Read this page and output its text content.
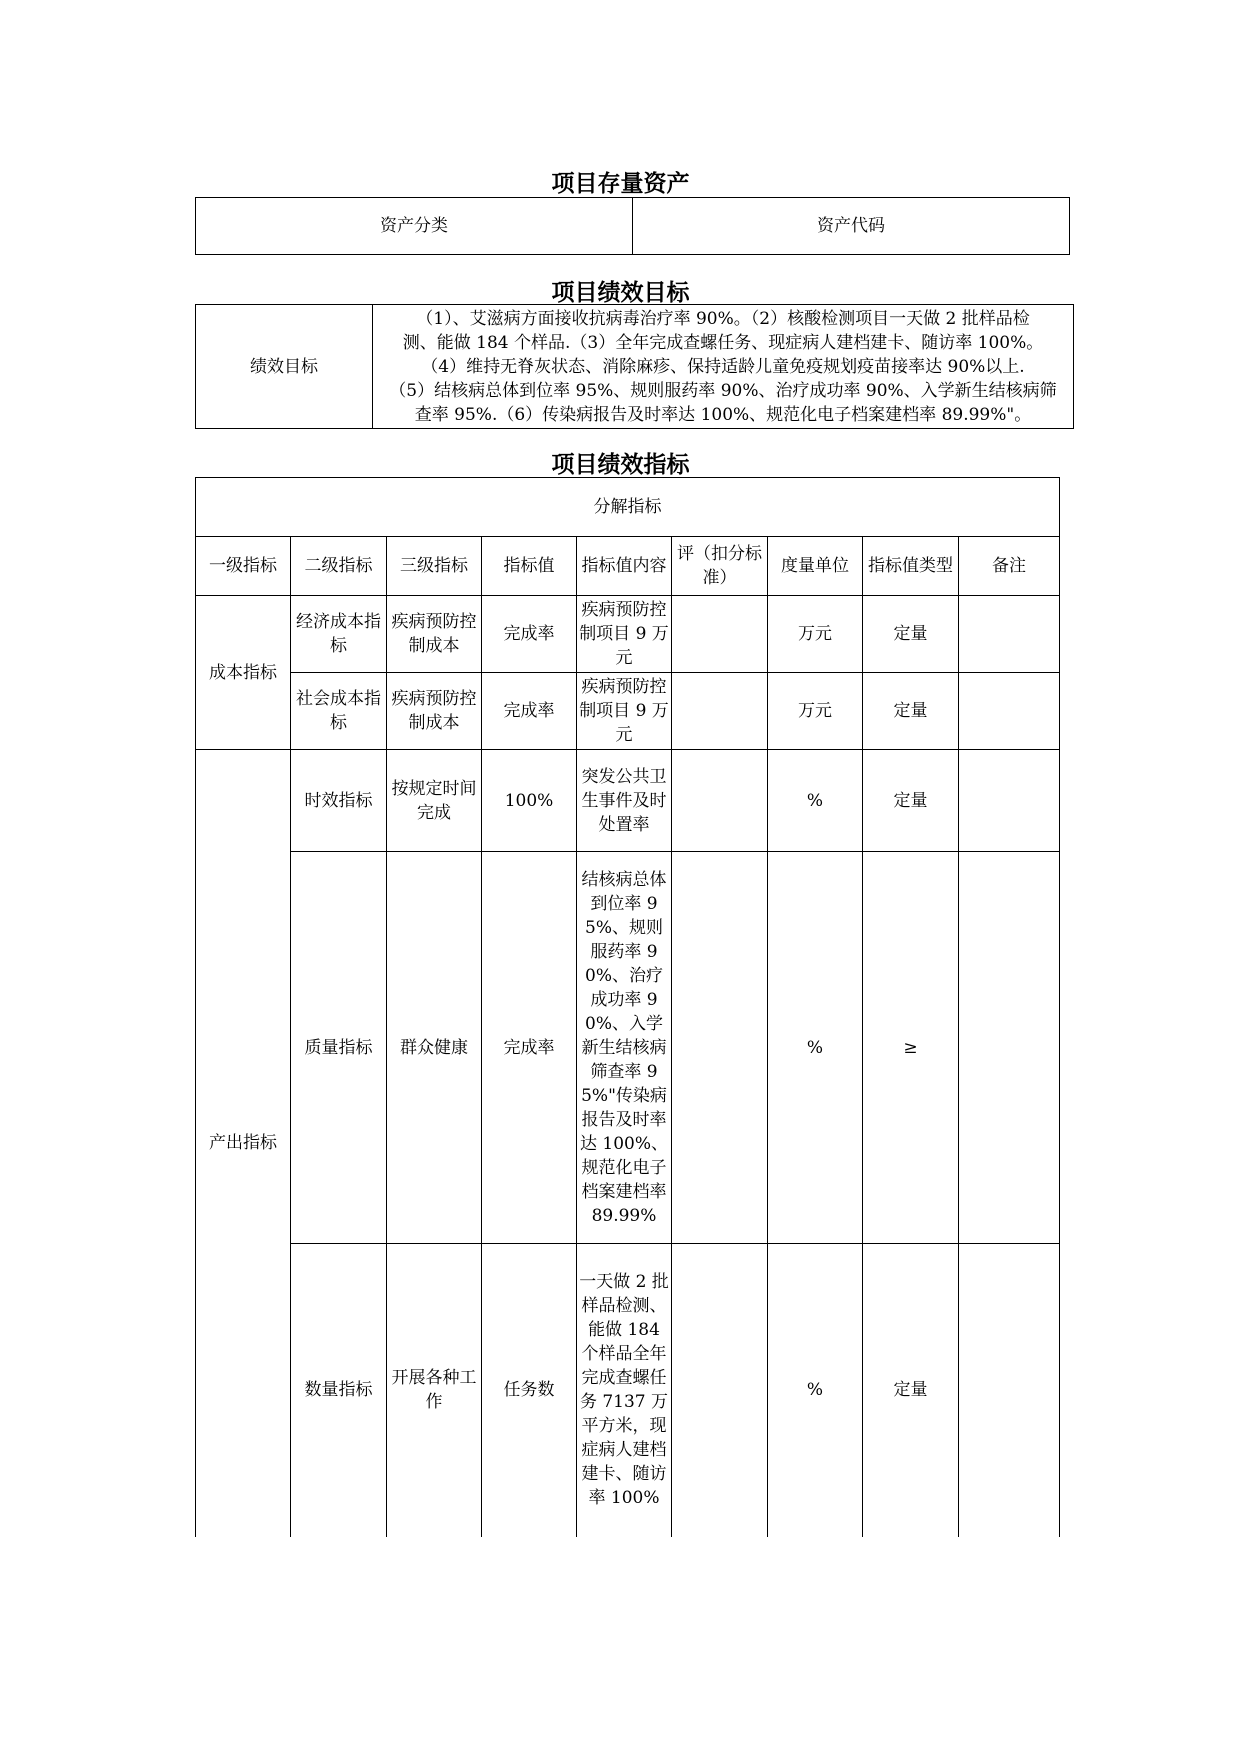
项目存量资产
资产分类	资产代码
项目绩效目标
绩效目标	
（1）、艾滋病方面接收抗病毒治疗率 90%。（2）核酸检测项目一天做 2 批样品检
测、能做 184 个样品.（3）全年完成查螺任务、现症病人建档建卡、随访率 100%。
（4）维持无脊灰状态、消除麻疹、保持适龄儿童免疫规划疫苗接率达 90%以上.
（5）结核病总体到位率 95%、规则服药率 90%、治疗成功率 90%、入学新生结核病筛
查率 95%.（6）传染病报告及时率达 100%、规范化电子档案建档率 89.99%"。
项目绩效指标
分解指标								
一级指标	二级指标	三级指标	指标值	指标值内容	评（扣分标准）	度量单位	指标值类型	备注
成本指标	经济成本指标	疾病预防控制成本	完成率	疾病预防控制项目 9 万元		万元	定量	
	社会成本指标	疾病预防控制成本	完成率	疾病预防控制项目 9 万元		万元	定量	
产出指标	时效指标	按规定时间完成	100%	突发公共卫生事件及时处置率		%	定量	
	质量指标	群众健康	完成率	结核病总体到位率 95%、规则服药率 90%、治疗成功率 90%、入学新生结核病筛查率 95%"传染病报告及时率达 100%、规范化电子档案建档率 89.99%		%	≥	
	数量指标	开展各种工作	任务数	一天做 2 批样品检测、能做 184 个样品全年完成查螺任务 7137 万平方米，现症病人建档建卡、随访率 100%		%	定量	
